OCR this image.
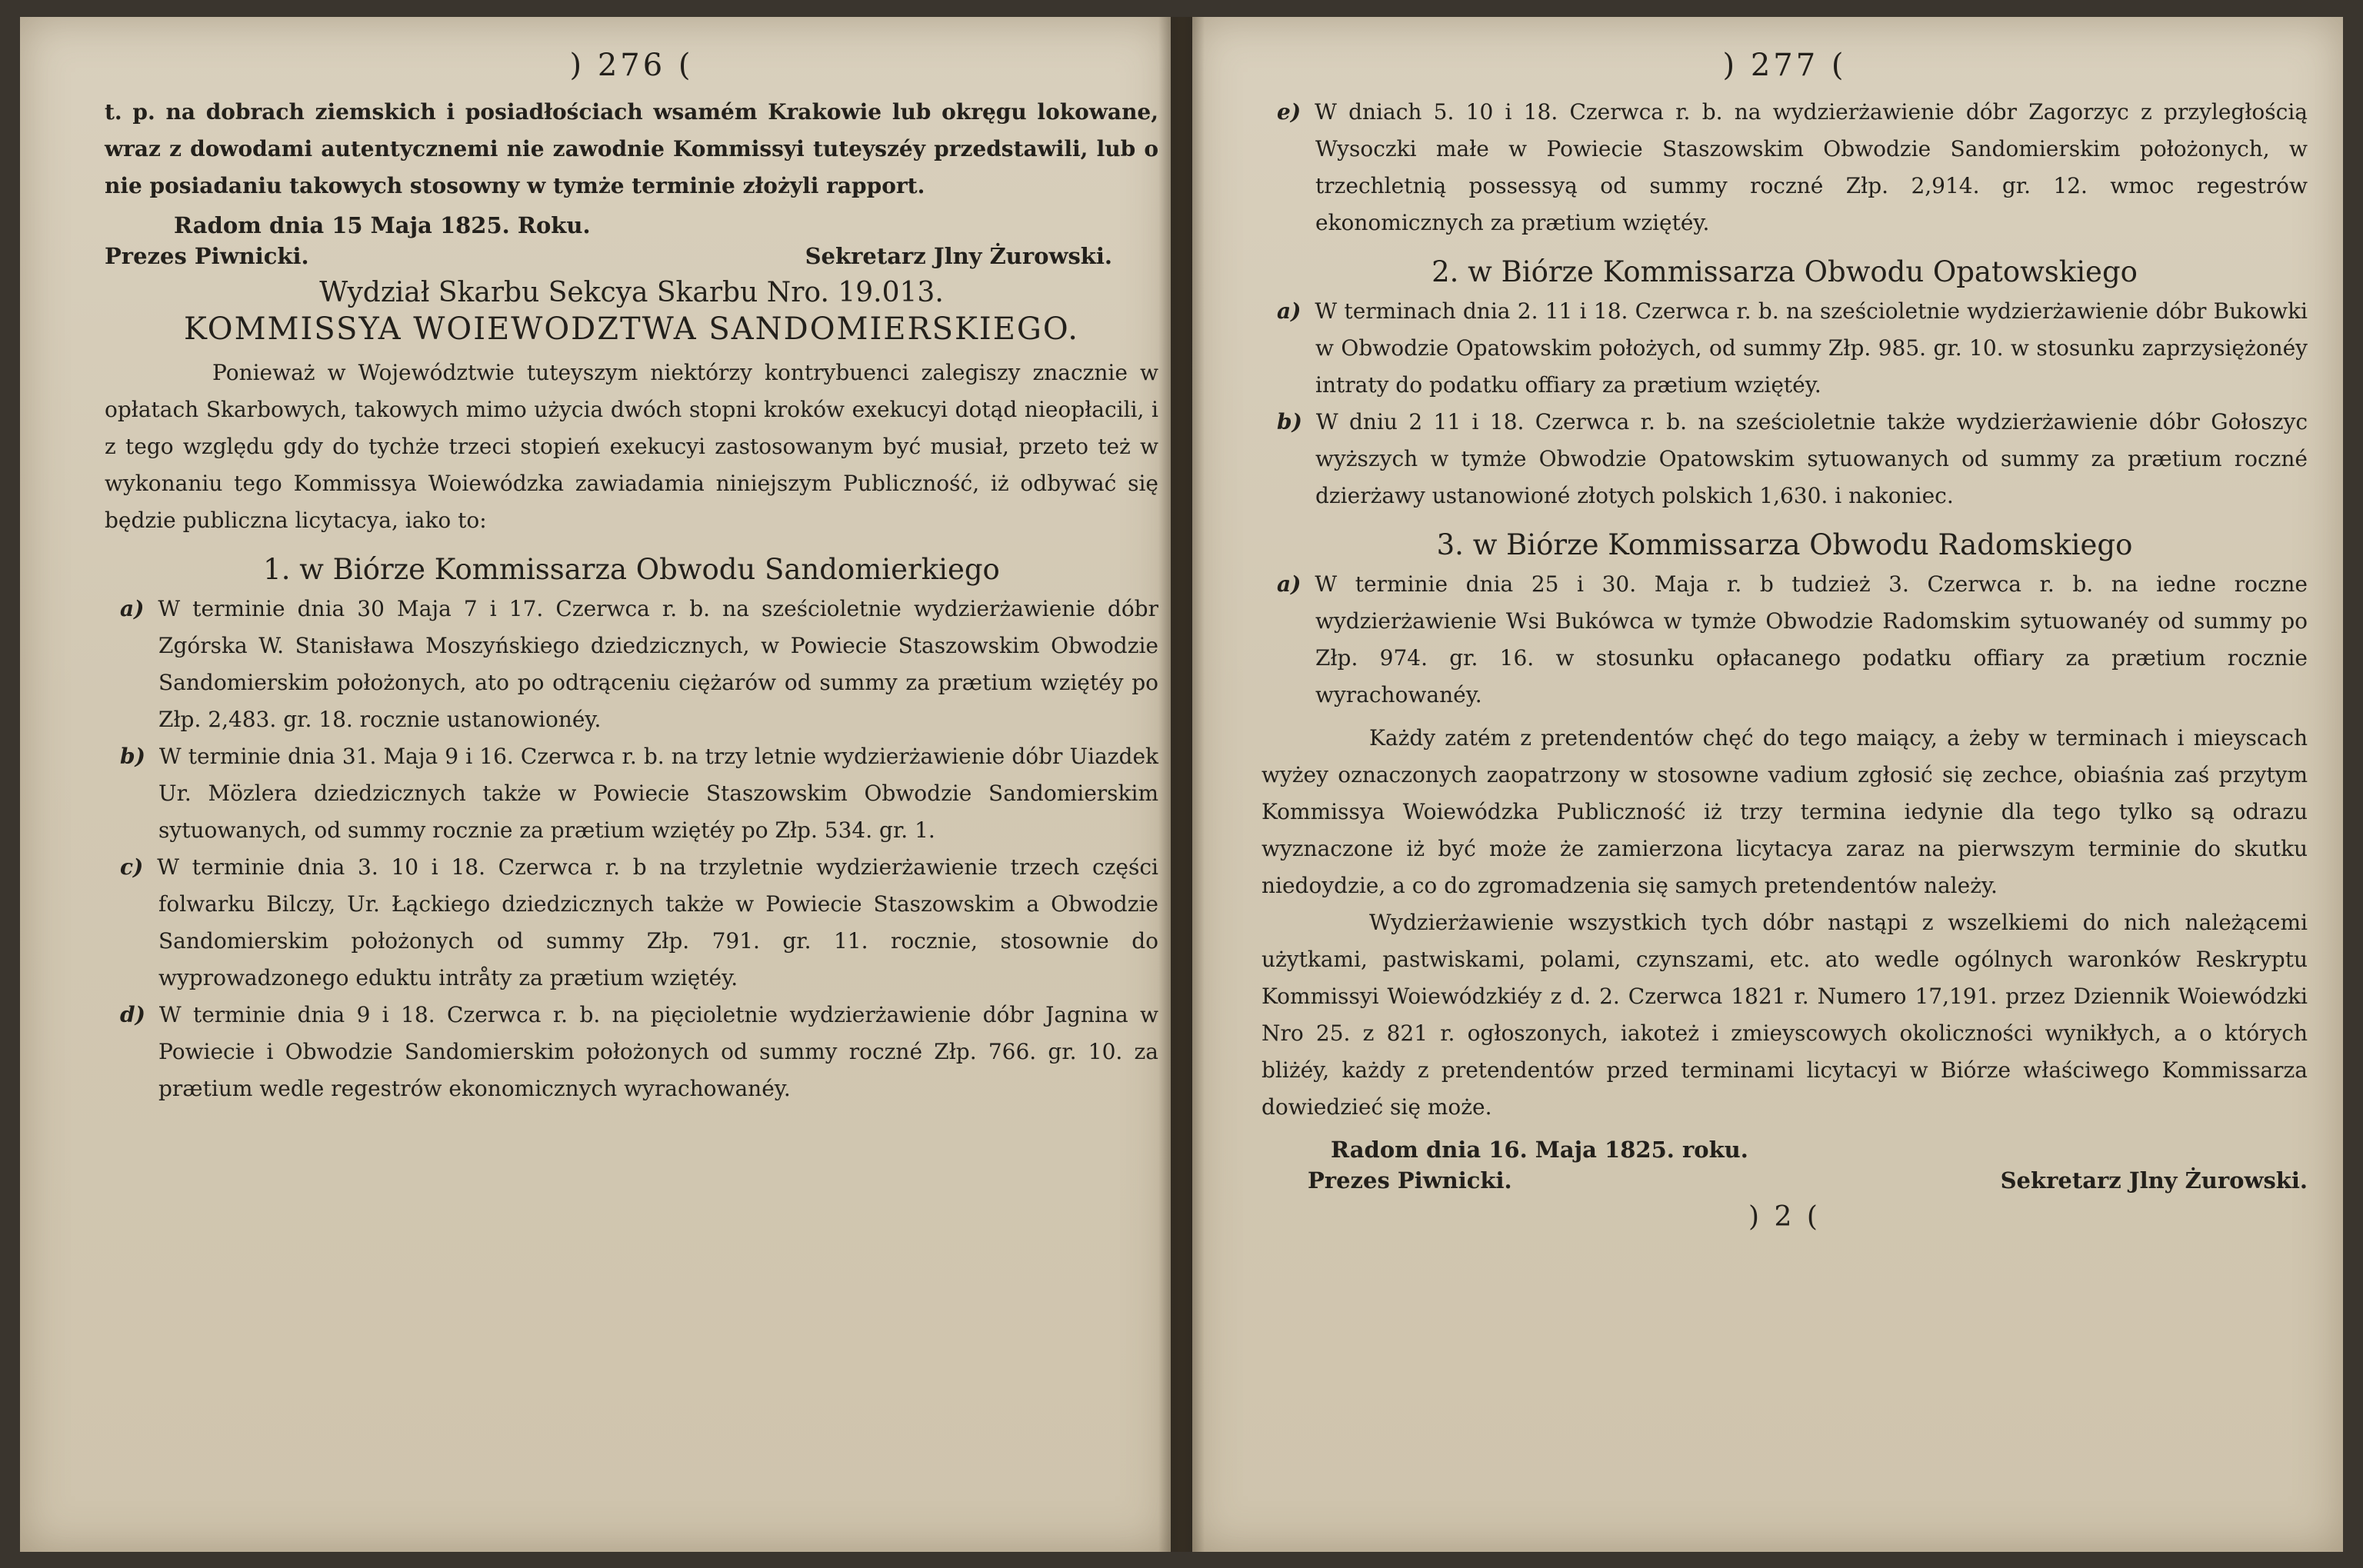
) 276 (

t. p. na dobrach ziemskich i posiadłościach wsamém Krakowie lub okręgu lokowane, wraz z dowodami autentycznemi nie zawodnie Kommissyi tuteyszéy przedstawili, lub o nie posiadaniu takowych stosowny w tymże terminie złożyli rapport.

Radom dnia 15 Maja 1825. Roku.
Prezes Piwnicki.	Sekretarz Jlny Żurowski.
Wydział Skarbu Sekcya Skarbu Nro. 19.013.
KOMMISSYA WOIEWODZTWA SANDOMIERSKIEGO.

Ponieważ w Województwie tuteyszym niektórzy kontrybuenci zalegiszy znacznie w opłatach Skarbowych, takowych mimo użycia dwóch stopni kroków exekucyi dotąd nieopłacili, i z tego względu gdy do tychże trzeci stopień exekucyi zastosowanym być musiał, przeto też w wykonaniu tego Kommissya Woiewódzka zawiadamia niniejszym Publiczność, iż odbywać się będzie publiczna licytacya, iako to:

1. w Biórze Kommissarza Obwodu Sandomierkiego

a) W terminie dnia 30 Maja 7 i 17. Czerwca r. b. na sześcioletnie wydzierżawienie dóbr Zgórska W. Stanisława Moszyńskiego dziedzicznych, w Powiecie Staszowskim Obwodzie Sandomierskim położonych, ato po odtrąceniu ciężarów od summy za prætium wziętéy po Złp. 2,483. gr. 18. rocznie ustanowionéy.

b) W terminie dnia 31. Maja 9 i 16. Czerwca r. b. na trzy letnie wydzierżawienie dóbr Uiazdek Ur. Mözlera dziedzicznych także w Powiecie Staszowskim Obwodzie Sandomierskim sytuowanych, od summy rocznie za prætium wziętéy po Złp. 534. gr. 1.

c) W terminie dnia 3. 10 i 18. Czerwca r. b na trzyletnie wydzierżawienie trzech części folwarku Bilczy, Ur. Łąckiego dziedzicznych także w Powiecie Staszowskim a Obwodzie Sandomierskim położonych od summy Złp. 791. gr. 11. rocznie, stosownie do wyprowadzonego eduktu intråty za prætium wziętéy.

d) W terminie dnia 9 i 18. Czerwca r. b. na pięcioletnie wydzierżawienie dóbr Jagnina w Powiecie i Obwodzie Sandomierskim położonych od summy roczné Złp. 766. gr. 10. za prætium wedle regestrów ekonomicznych wyrachowanéy.

) 277 (

e) W dniach 5. 10 i 18. Czerwca r. b. na wydzierżawienie dóbr Zagorzyc z przyległością Wysoczki małe w Powiecie Staszowskim Obwodzie Sandomierskim położonych, w trzechletnią possessyą od summy roczné Złp. 2,914. gr. 12. wmoc regestrów ekonomicznych za prætium wziętéy.

2. w Biórze Kommissarza Obwodu Opatowskiego

a) W terminach dnia 2. 11 i 18. Czerwca r. b. na sześcioletnie wydzierżawienie dóbr Bukowki w Obwodzie Opatowskim położych, od summy Złp. 985. gr. 10. w stosunku zaprzysiężonéy intraty do podatku offiary za prætium wziętéy.

b) W dniu 2 11 i 18. Czerwca r. b. na sześcioletnie także wydzierżawienie dóbr Gołoszyc wyższych w tymże Obwodzie Opatowskim sytuowanych od summy za prætium roczné dzierżawy ustanowioné złotych polskich 1,630. i nakoniec.

3. w Biórze Kommissarza Obwodu Radomskiego

a) W terminie dnia 25 i 30. Maja r. b tudzież 3. Czerwca r. b. na iedne roczne wydzierżawienie Wsi Bukówca w tymże Obwodzie Radomskim sytuowanéy od summy po Złp. 974. gr. 16. w stosunku opłacanego podatku offiary za prætium rocznie wyrachowanéy.

Każdy zatém z pretendentów chęć do tego maiący, a żeby w terminach i mieyscach wyżey oznaczonych zaopatrzony w stosowne vadium zgłosić się zechce, obiaśnia zaś przytym Kommissya Woiewódzka Publiczność iż trzy termina iedynie dla tego tylko są odrazu wyznaczone iż być może że zamierzona licytacya zaraz na pierwszym terminie do skutku niedoydzie, a co do zgromadzenia się samych pretendentów należy.

Wydzierżawienie wszystkich tych dóbr nastąpi z wszelkiemi do nich należącemi użytkami, pastwiskami, polami, czynszami, etc. ato wedle ogólnych waronków Reskryptu Kommissyi Woiewódzkiéy z d. 2. Czerwca 1821 r. Numero 17,191. przez Dziennik Woiewódzki Nro 25. z 821 r. ogłoszonych, iakoteż i zmieyscowych okoliczności wynikłych, a o których bliżéy, każdy z pretendentów przed terminami licytacyi w Biórze właściwego Kommissarza dowiedzieć się może.

Radom dnia 16. Maja 1825. roku.
Prezes Piwnicki.	Sekretarz Jlny Żurowski.
) 2 (
